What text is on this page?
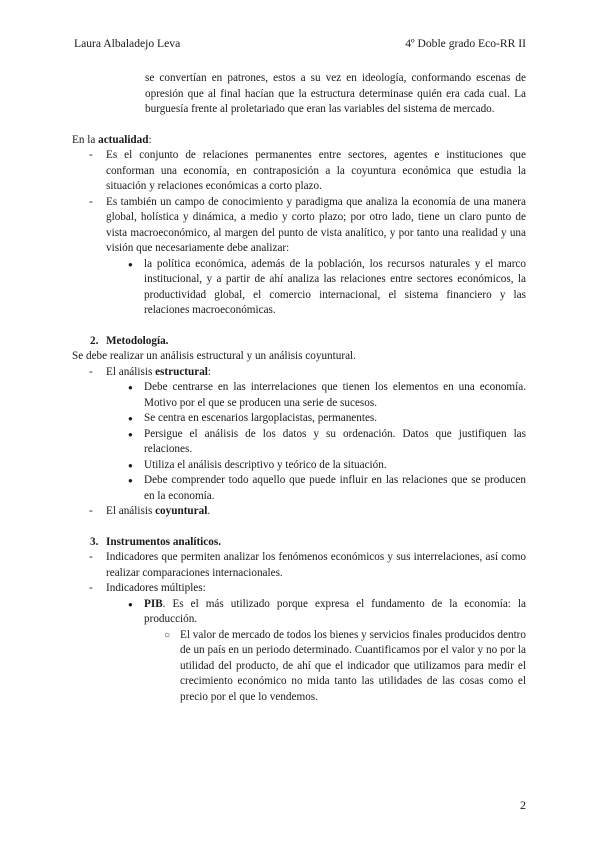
Laura Albaladejo Leva	4º Doble grado Eco-RR II

se convertían en patrones, estos a su vez en ideología, conformando escenas de opresión que al final hacían que la estructura determinase quién era cada cual. La burguesía frente al proletariado que eran las variables del sistema de mercado.

En la actualidad:

- Es el conjunto de relaciones permanentes entre sectores, agentes e instituciones que conforman una economía, en contraposición a la coyuntura económica que estudia la situación y relaciones económicas a corto plazo.
- Es también un campo de conocimiento y paradigma que analiza la economía de una manera global, holística y dinámica, a medio y corto plazo; por otro lado, tiene un claro punto de vista macroeconómico, al margen del punto de vista analítico, y por tanto una realidad y una visión que necesariamente debe analizar:
● la política económica, además de la población, los recursos naturales y el marco institucional, y a partir de ahí analiza las relaciones entre sectores económicos, la productividad global, el comercio internacional, el sistema financiero y las relaciones macroeconómicas.
2. Metodología.

Se debe realizar un análisis estructural y un análisis coyuntural.

- El análisis estructural:
● Debe centrarse en las interrelaciones que tienen los elementos en una economía. Motivo por el que se producen una serie de sucesos.
● Se centra en escenarios largoplacistas, permanentes.
● Persigue el análisis de los datos y su ordenación. Datos que justifiquen las relaciones.
● Utiliza el análisis descriptivo y teórico de la situación.
● Debe comprender todo aquello que puede influir en las relaciones que se producen en la economía.
- El análisis coyuntural.
3. Instrumentos analíticos.
- Indicadores que permiten analizar los fenómenos económicos y sus interrelaciones, así como realizar comparaciones internacionales.
- Indicadores múltiples:
● PIB. Es el más utilizado porque expresa el fundamento de la economía: la producción.
○ El valor de mercado de todos los bienes y servicios finales producidos dentro de un país en un periodo determinado. Cuantificamos por el valor y no por la utilidad del producto, de ahí que el indicador que utilizamos para medir el crecimiento económico no mida tanto las utilidades de las cosas como el precio por el que lo vendemos.
2
